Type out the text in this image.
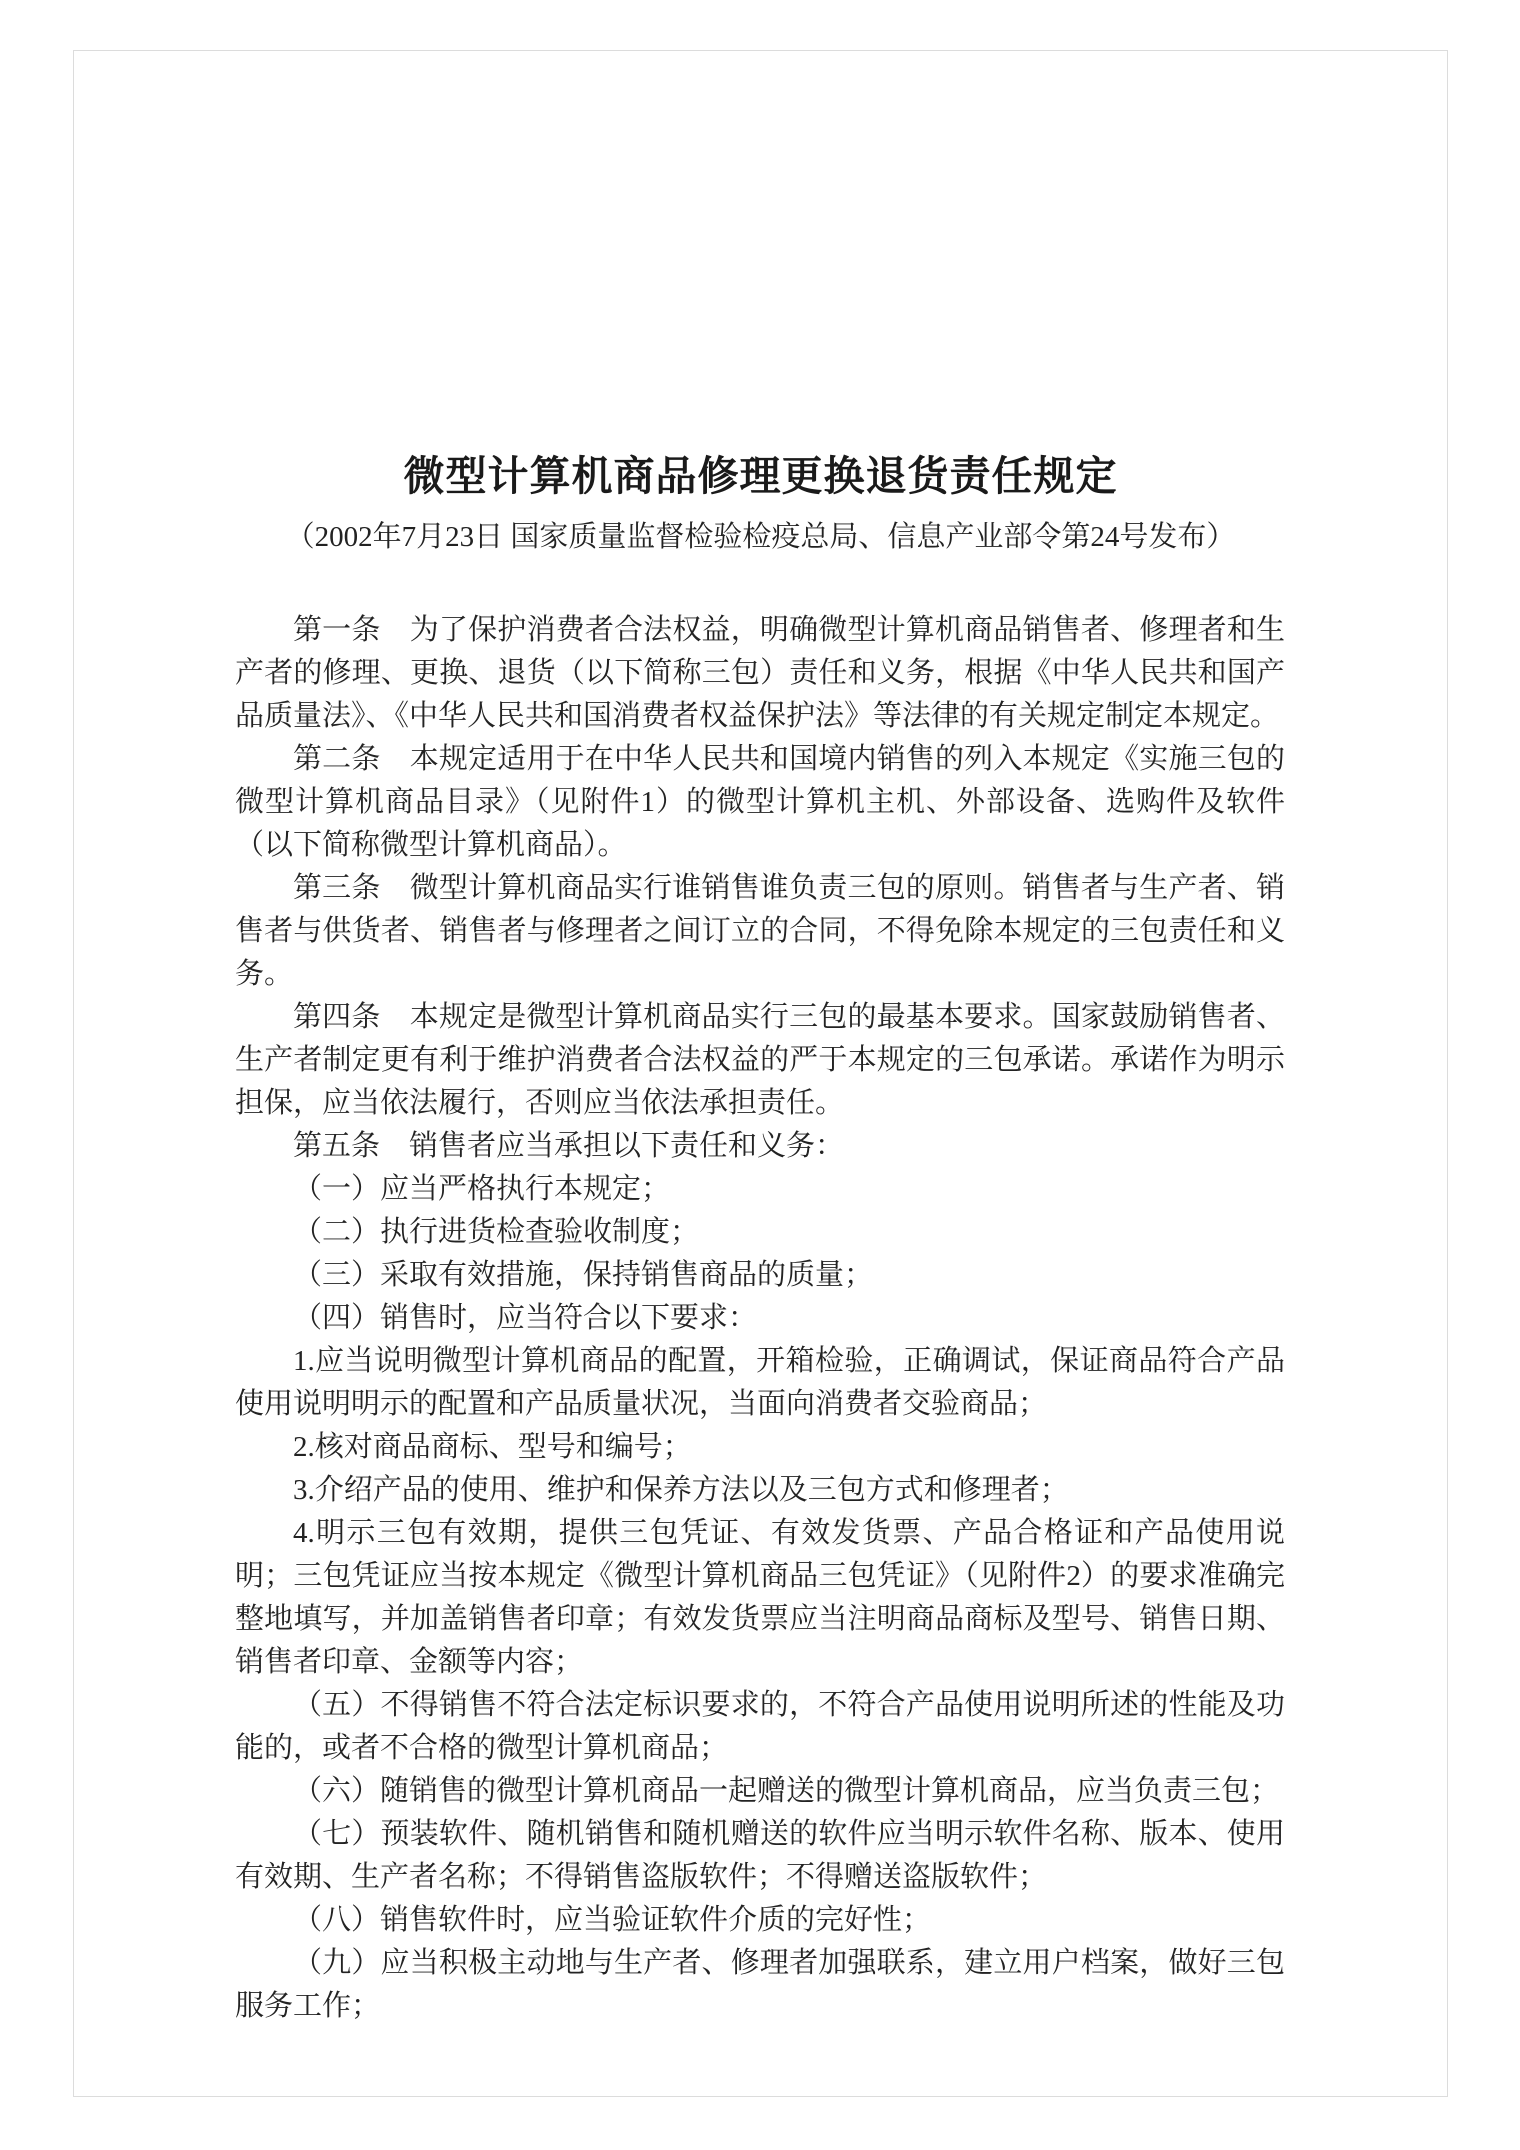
微型计算机商品修理更换退货责任规定
（2002年7月23日 国家质量监督检验检疫总局、信息产业部令第24号发布）

第一条　为了保护消费者合法权益，明确微型计算机商品销售者、修理者和生产者的修理、更换、退货（以下简称三包）责任和义务，根据《中华人民共和国产品质量法》、《中华人民共和国消费者权益保护法》等法律的有关规定制定本规定。

第二条　本规定适用于在中华人民共和国境内销售的列入本规定《实施三包的微型计算机商品目录》（见附件1）的微型计算机主机、外部设备、选购件及软件（以下简称微型计算机商品）。

第三条　微型计算机商品实行谁销售谁负责三包的原则。销售者与生产者、销售者与供货者、销售者与修理者之间订立的合同，不得免除本规定的三包责任和义务。

第四条　本规定是微型计算机商品实行三包的最基本要求。国家鼓励销售者、生产者制定更有利于维护消费者合法权益的严于本规定的三包承诺。承诺作为明示担保，应当依法履行，否则应当依法承担责任。

第五条　销售者应当承担以下责任和义务：

（一）应当严格执行本规定；

（二）执行进货检查验收制度；

（三）采取有效措施，保持销售商品的质量；

（四）销售时，应当符合以下要求：

1.应当说明微型计算机商品的配置，开箱检验，正确调试，保证商品符合产品使用说明明示的配置和产品质量状况，当面向消费者交验商品；

2.核对商品商标、型号和编号；

3.介绍产品的使用、维护和保养方法以及三包方式和修理者；

4.明示三包有效期，提供三包凭证、有效发货票、产品合格证和产品使用说明；三包凭证应当按本规定《微型计算机商品三包凭证》（见附件2）的要求准确完整地填写，并加盖销售者印章；有效发货票应当注明商品商标及型号、销售日期、销售者印章、金额等内容；

（五）不得销售不符合法定标识要求的，不符合产品使用说明所述的性能及功能的，或者不合格的微型计算机商品；

（六）随销售的微型计算机商品一起赠送的微型计算机商品，应当负责三包；

（七）预装软件、随机销售和随机赠送的软件应当明示软件名称、版本、使用有效期、生产者名称；不得销售盗版软件；不得赠送盗版软件；

（八）销售软件时，应当验证软件介质的完好性；

（九）应当积极主动地与生产者、修理者加强联系，建立用户档案，做好三包服务工作；
